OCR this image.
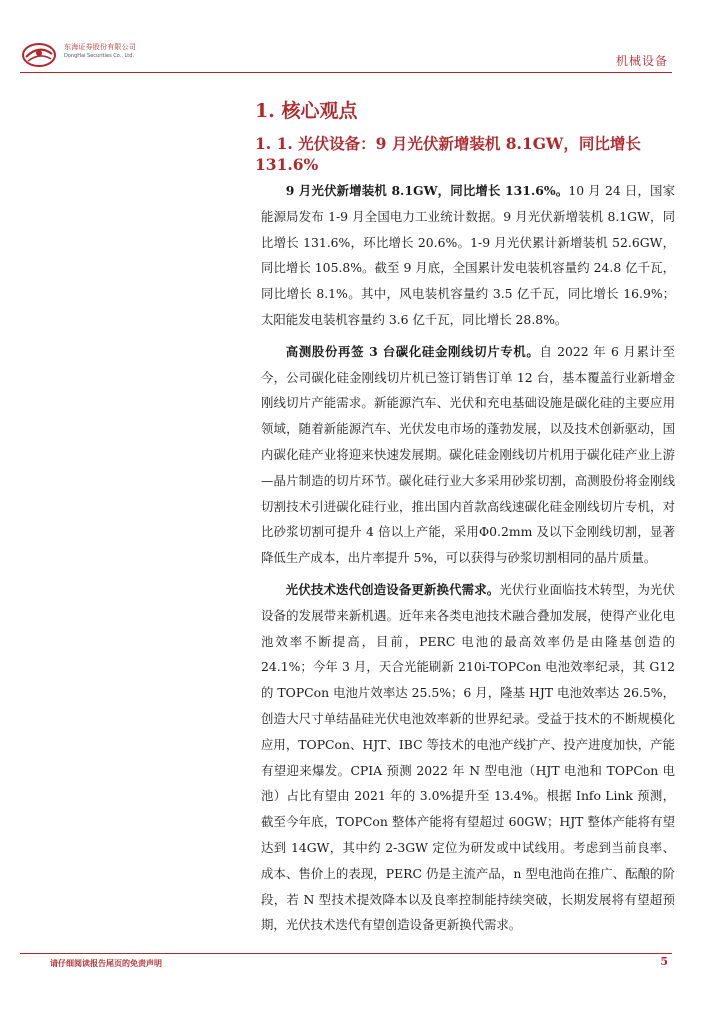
东海证券股份有限公司
DongHai Securities Co., Ltd.	机械设备
1. 核心观点
1. 1. 光伏设备：9 月光伏新增装机 8.1GW，同比增长 131.6%

9 月光伏新增装机 8.1GW，同比增长 131.6%。10 月 24 日，国家能源局发布 1-9 月全国电力工业统计数据。9 月光伏新增装机 8.1GW，同比增长 131.6%，环比增长 20.6%。1-9 月光伏累计新增装机 52.6GW，同比增长 105.8%。截至 9 月底，全国累计发电装机容量约 24.8 亿千瓦，同比增长 8.1%。其中，风电装机容量约 3.5 亿千瓦，同比增长 16.9%；太阳能发电装机容量约 3.6 亿千瓦，同比增长 28.8%。

高测股份再签 3 台碳化硅金刚线切片专机。自 2022 年 6 月累计至今，公司碳化硅金刚线切片机已签订销售订单 12 台，基本覆盖行业新增金刚线切片产能需求。新能源汽车、光伏和充电基础设施是碳化硅的主要应用领域，随着新能源汽车、光伏发电市场的蓬勃发展，以及技术创新驱动，国内碳化硅产业将迎来快速发展期。碳化硅金刚线切片机用于碳化硅产业上游—晶片制造的切片环节。碳化硅行业大多采用砂浆切割，高测股份将金刚线切割技术引进碳化硅行业，推出国内首款高线速碳化硅金刚线切片专机，对比砂浆切割可提升 4 倍以上产能，采用Φ0.2mm 及以下金刚线切割，显著降低生产成本，出片率提升 5%，可以获得与砂浆切割相同的晶片质量。

光伏技术迭代创造设备更新换代需求。光伏行业面临技术转型，为光伏设备的发展带来新机遇。近年来各类电池技术融合叠加发展，使得产业化电池效率不断提高，目前，PERC 电池的最高效率仍是由隆基创造的 24.1%；今年 3 月，天合光能刷新 210i-TOPCon 电池效率纪录，其 G12 的 TOPCon 电池片效率达 25.5%；6 月，隆基 HJT 电池效率达 26.5%，创造大尺寸单结晶硅光伏电池效率新的世界纪录。受益于技术的不断规模化应用，TOPCon、HJT、IBC 等技术的电池产线扩产、投产进度加快，产能有望迎来爆发。CPIA 预测 2022 年 N 型电池（HJT 电池和 TOPCon 电池）占比有望由 2021 年的 3.0%提升至 13.4%。根据 Info Link 预测，截至今年底，TOPCon 整体产能将有望超过 60GW；HJT 整体产能将有望达到 14GW，其中约 2-3GW 定位为研发或中试线用。考虑到当前良率、成本、售价上的表现，PERC 仍是主流产品，n 型电池尚在推广、酝酿的阶段，若 N 型技术提效降本以及良率控制能持续突破，长期发展将有望超预期，光伏技术迭代有望创造设备更新换代需求。

请仔细阅读报告尾页的免责声明	5
